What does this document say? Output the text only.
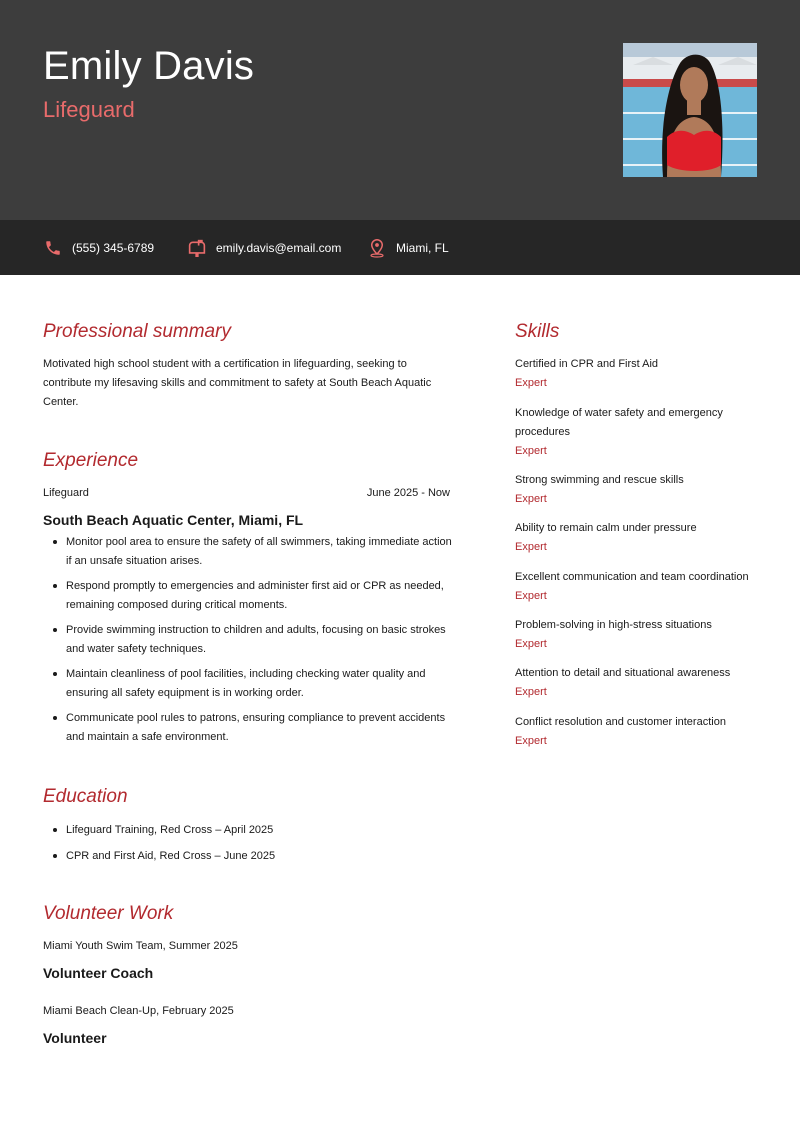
Emily Davis
Lifeguard
(555) 345-6789	emily.davis@email.com	Miami, FL
Professional summary
Motivated high school student with a certification in lifeguarding, seeking to contribute my lifesaving skills and commitment to safety at South Beach Aquatic Center.
Experience
Lifeguard	June 2025 - Now
South Beach Aquatic Center, Miami, FL
Monitor pool area to ensure the safety of all swimmers, taking immediate action if an unsafe situation arises.
Respond promptly to emergencies and administer first aid or CPR as needed, remaining composed during critical moments.
Provide swimming instruction to children and adults, focusing on basic strokes and water safety techniques.
Maintain cleanliness of pool facilities, including checking water quality and ensuring all safety equipment is in working order.
Communicate pool rules to patrons, ensuring compliance to prevent accidents and maintain a safe environment.
Education
Lifeguard Training, Red Cross – April 2025
CPR and First Aid, Red Cross – June 2025
Volunteer Work
Miami Youth Swim Team, Summer 2025
Volunteer Coach
Miami Beach Clean-Up, February 2025
Volunteer
Skills
Certified in CPR and First Aid
Expert
Knowledge of water safety and emergency procedures
Expert
Strong swimming and rescue skills
Expert
Ability to remain calm under pressure
Expert
Excellent communication and team coordination
Expert
Problem-solving in high-stress situations
Expert
Attention to detail and situational awareness
Expert
Conflict resolution and customer interaction
Expert
